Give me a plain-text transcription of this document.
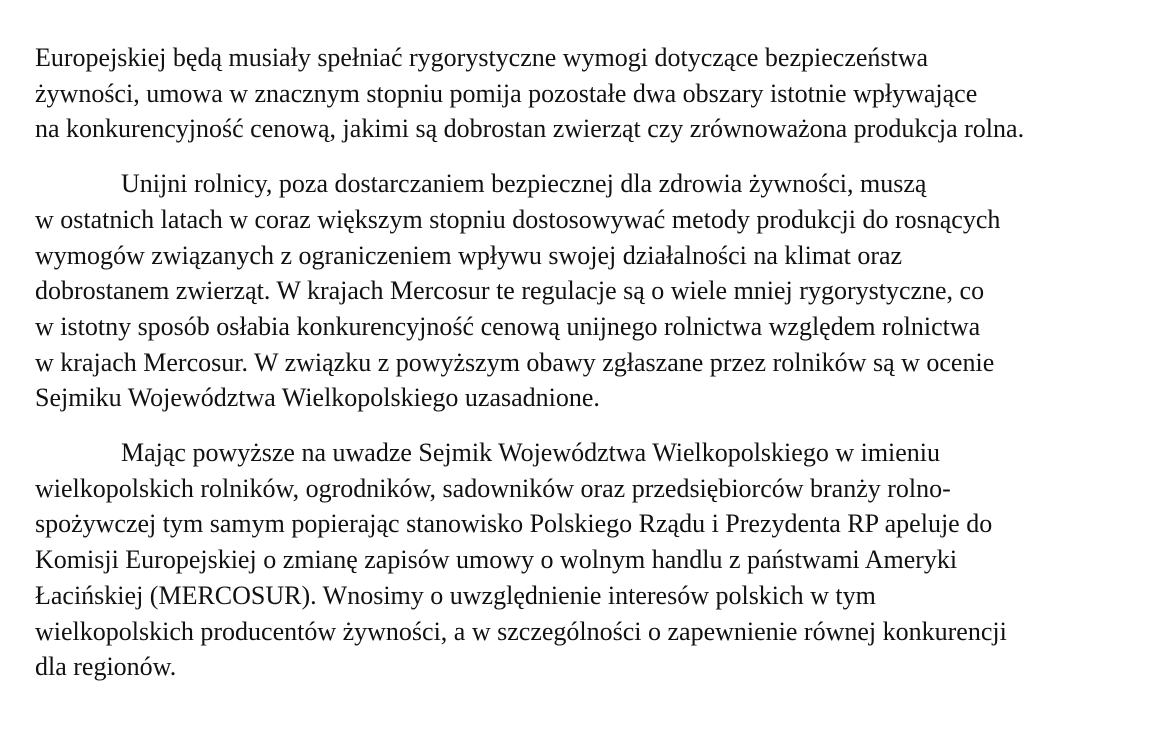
Europejskiej będą musiały spełniać rygorystyczne wymogi dotyczące bezpieczeństwa
żywności, umowa w znacznym stopniu pomija pozostałe dwa obszary istotnie wpływające
na konkurencyjność cenową, jakimi są dobrostan zwierząt czy zrównoważona produkcja rolna.

Unijni rolnicy, poza dostarczaniem bezpiecznej dla zdrowia żywności, muszą
w ostatnich latach w coraz większym stopniu dostosowywać metody produkcji do rosnących
wymogów związanych z ograniczeniem wpływu swojej działalności na klimat oraz
dobrostanem zwierząt. W krajach Mercosur te regulacje są o wiele mniej rygorystyczne, co
w istotny sposób osłabia konkurencyjność cenową unijnego rolnictwa względem rolnictwa
w krajach Mercosur. W związku z powyższym obawy zgłaszane przez rolników są w ocenie
Sejmiku Województwa Wielkopolskiego uzasadnione.

Mając powyższe na uwadze Sejmik Województwa Wielkopolskiego w imieniu
wielkopolskich rolników, ogrodników, sadowników oraz przedsiębiorców branży rolno-
spożywczej tym samym popierając stanowisko Polskiego Rządu i Prezydenta RP apeluje do
Komisji Europejskiej o zmianę zapisów umowy o wolnym handlu z państwami Ameryki
Łacińskiej (MERCOSUR). Wnosimy o uwzględnienie interesów polskich w tym
wielkopolskich producentów żywności, a w szczególności o zapewnienie równej konkurencji
dla regionów.
